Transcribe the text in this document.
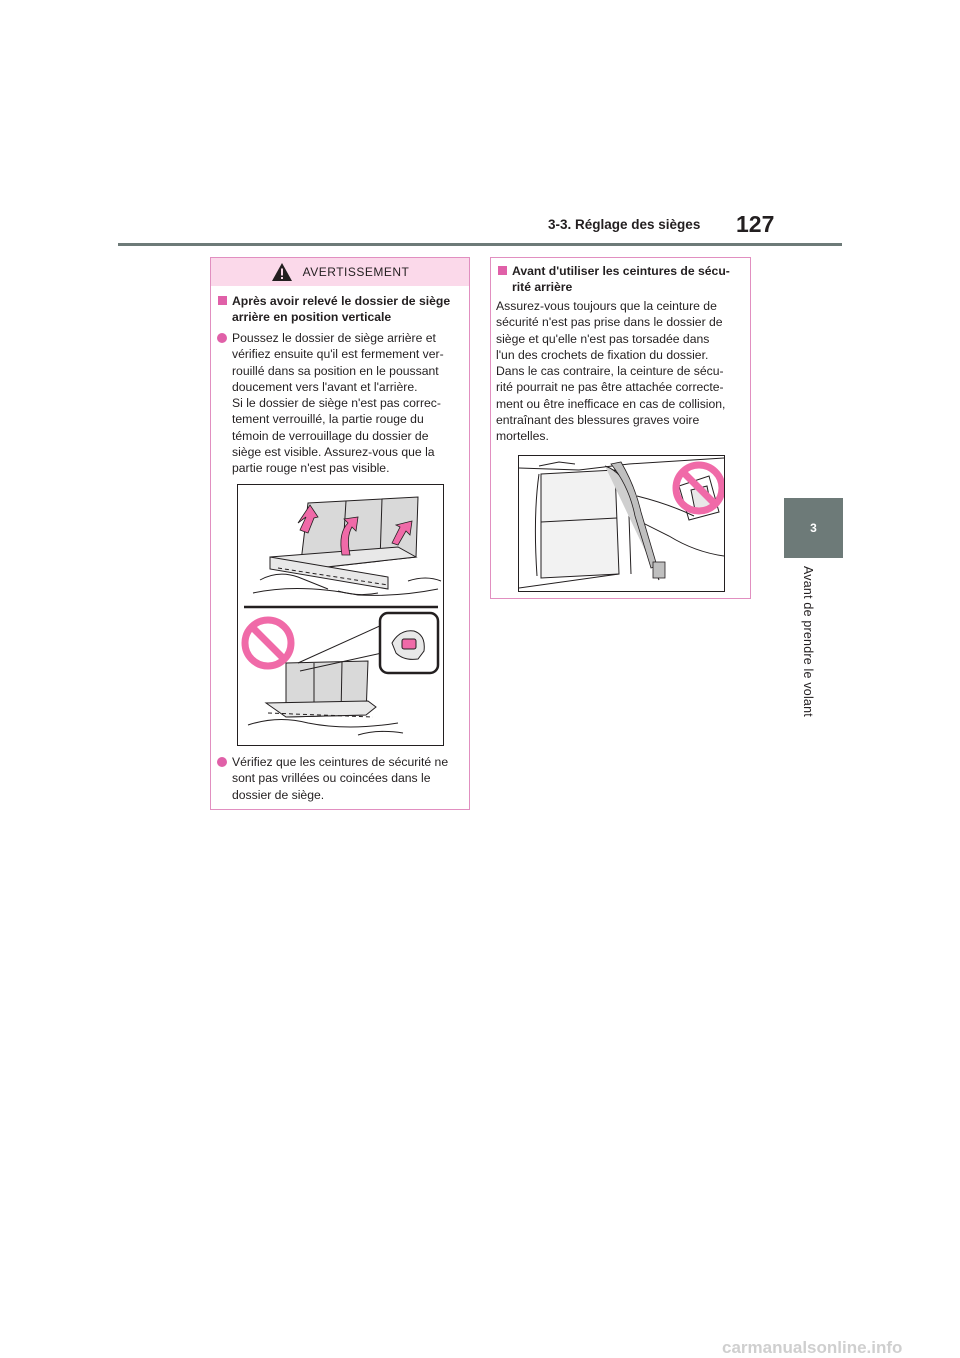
3-3. Réglage des sièges 127
3
Avant de prendre le volant
AVERTISSEMENT
Après avoir relevé le dossier de siège
arrière en position verticale
Poussez le dossier de siège arrière et
vérifiez ensuite qu'il est fermement ver-
rouillé dans sa position en le poussant
doucement vers l'avant et l'arrière.
Si le dossier de siège n'est pas correc-
tement verrouillé, la partie rouge du
témoin de verrouillage du dossier de
siège est visible. Assurez-vous que la
partie rouge n'est pas visible.
Vérifiez que les ceintures de sécurité ne
sont pas vrillées ou coincées dans le
dossier de siège.
Avant d'utiliser les ceintures de sécu-
rité arrière
Assurez-vous toujours que la ceinture de
sécurité n'est pas prise dans le dossier de
siège et qu'elle n'est pas torsadée dans
l'un des crochets de fixation du dossier.
Dans le cas contraire, la ceinture de sécu-
rité pourrait ne pas être attachée correcte-
ment ou être inefficace en cas de collision,
entraînant des blessures graves voire
mortelles.
carmanualsonline.info
